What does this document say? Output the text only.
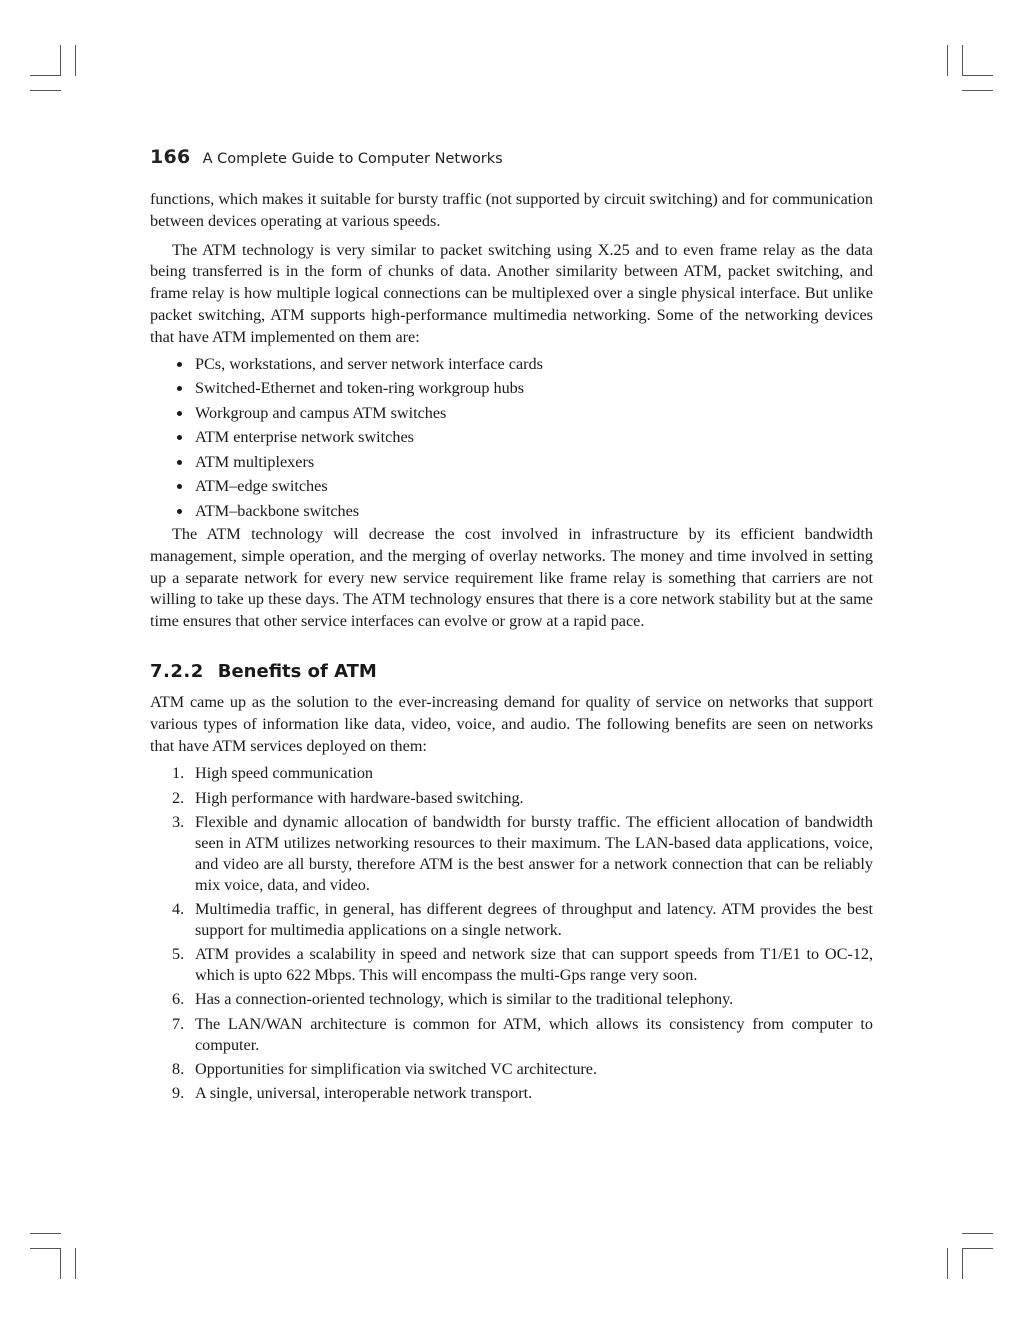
166 A Complete Guide to Computer Networks

functions, which makes it suitable for bursty traffic (not supported by circuit switching) and for communication between devices operating at various speeds.

The ATM technology is very similar to packet switching using X.25 and to even frame relay as the data being transferred is in the form of chunks of data. Another similarity between ATM, packet switching, and frame relay is how multiple logical connections can be multiplexed over a single physical interface. But unlike packet switching, ATM supports high-performance multimedia networking. Some of the networking devices that have ATM implemented on them are:

PCs, workstations, and server network interface cards
Switched-Ethernet and token-ring workgroup hubs
Workgroup and campus ATM switches
ATM enterprise network switches
ATM multiplexers
ATM–edge switches
ATM–backbone switches

The ATM technology will decrease the cost involved in infrastructure by its efficient bandwidth management, simple operation, and the merging of overlay networks. The money and time involved in setting up a separate network for every new service requirement like frame relay is something that carriers are not willing to take up these days. The ATM technology ensures that there is a core network stability but at the same time ensures that other service interfaces can evolve or grow at a rapid pace.

7.2.2 Benefits of ATM

ATM came up as the solution to the ever-increasing demand for quality of service on networks that support various types of information like data, video, voice, and audio. The following benefits are seen on networks that have ATM services deployed on them:

1. High speed communication
2. High performance with hardware-based switching.
3. Flexible and dynamic allocation of bandwidth for bursty traffic. The efficient allocation of bandwidth seen in ATM utilizes networking resources to their maximum. The LAN-based data applications, voice, and video are all bursty, therefore ATM is the best answer for a network connection that can be reliably mix voice, data, and video.
4. Multimedia traffic, in general, has different degrees of throughput and latency. ATM provides the best support for multimedia applications on a single network.
5. ATM provides a scalability in speed and network size that can support speeds from T1/E1 to OC-12, which is upto 622 Mbps. This will encompass the multi-Gps range very soon.
6. Has a connection-oriented technology, which is similar to the traditional telephony.
7. The LAN/WAN architecture is common for ATM, which allows its consistency from computer to computer.
8. Opportunities for simplification via switched VC architecture.
9. A single, universal, interoperable network transport.
